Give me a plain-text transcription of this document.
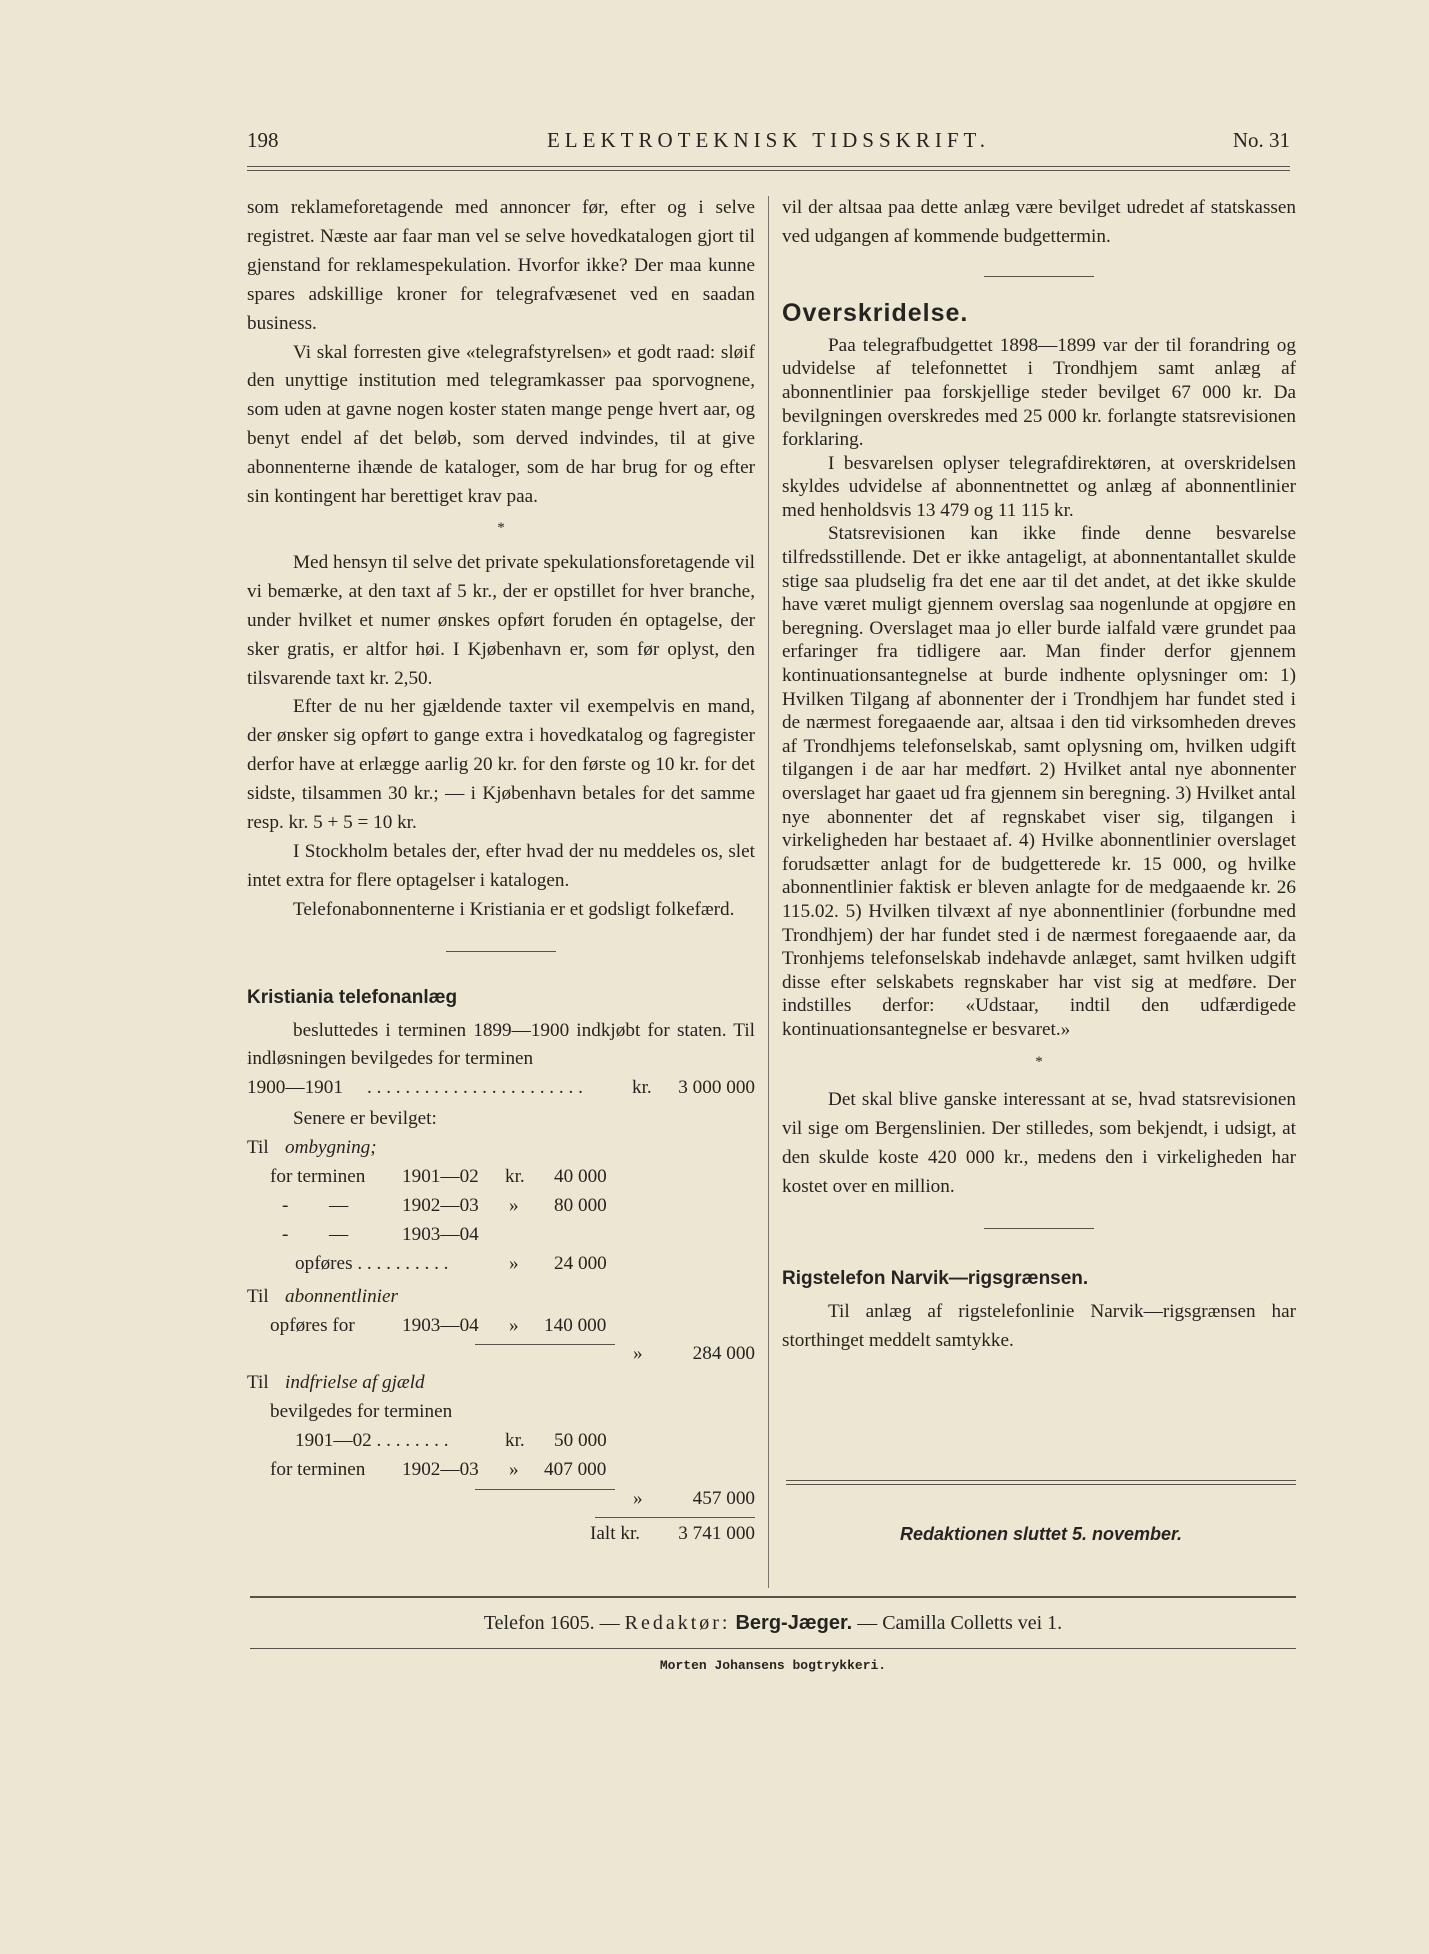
198	ELEKTROTEKNISK TIDSSKRIFT.	No. 31

som reklameforetagende med annoncer før, efter og i selve registret. Næste aar faar man vel se selve hovedkatalogen gjort til gjenstand for reklamespekulation. Hvorfor ikke? Der maa kunne spares adskillige kroner for telegrafvæsenet ved en saadan business.

Vi skal forresten give «telegrafstyrelsen» et godt raad: sløif den unyttige institution med telegramkasser paa sporvognene, som uden at gavne nogen koster staten mange penge hvert aar, og benyt endel af det beløb, som derved indvindes, til at give abonnenterne ihænde de kataloger, som de har brug for og efter sin kontingent har berettiget krav paa.

*

Med hensyn til selve det private spekulationsforetagende vil vi bemærke, at den taxt af 5 kr., der er opstillet for hver branche, under hvilket et numer ønskes opført foruden én optagelse, der sker gratis, er altfor høi. I Kjøbenhavn er, som før oplyst, den tilsvarende taxt kr. 2,50.

Efter de nu her gjældende taxter vil exempelvis en mand, der ønsker sig opført to gange extra i hovedkatalog og fagregister derfor have at erlægge aarlig 20 kr. for den første og 10 kr. for det sidste, tilsammen 30 kr.; — i Kjøbenhavn betales for det samme resp. kr. 5 + 5 = 10 kr.

I Stockholm betales der, efter hvad der nu meddeles os, slet intet extra for flere optagelser i katalogen.

Telefonabonnenterne i Kristiania er et godsligt folkefærd.

Kristiania telefonanlæg

besluttedes i terminen 1899—1900 indkjøbt for staten. Til indløsningen bevilgedes for terminen

1900—1901 . . . . . . . . . . . . . . . . . . . . . . .	kr. 3 000 000
Senere er bevilget:
Til ombygning;
for terminen 1901—02 kr. 40 000
- —	1902—03 » 80 000
- —	1903—04
opføres . . . . . . . . . .	» 24 000
Til abonnentlinier
opføres for 1903—04 » 140 000
»	284 000
Til indfrielse af gjæld
bevilgedes for terminen
1901—02 . . . . . . . .	kr. 50 000
for terminen 1902—03 » 407 000
»	457 000
Ialt kr. 3 741 000

vil der altsaa paa dette anlæg være bevilget udredet af statskassen ved udgangen af kommende budgettermin.

Overskridelse.

Paa telegrafbudgettet 1898—1899 var der til forandring og udvidelse af telefonnettet i Trondhjem samt anlæg af abonnentlinier paa forskjellige steder bevilget 67 000 kr. Da bevilgningen overskredes med 25 000 kr. forlangte statsrevisionen forklaring.

I besvarelsen oplyser telegrafdirektøren, at overskridelsen skyldes udvidelse af abonnentnettet og anlæg af abonnentlinier med henholdsvis 13 479 og 11 115 kr.

Statsrevisionen kan ikke finde denne besvarelse tilfredsstillende. Det er ikke antageligt, at abonnentantallet skulde stige saa pludselig fra det ene aar til det andet, at det ikke skulde have været muligt gjennem overslag saa nogenlunde at opgjøre en beregning. Overslaget maa jo eller burde ialfald være grundet paa erfaringer fra tidligere aar. Man finder derfor gjennem kontinuationsantegnelse at burde indhente oplysninger om: 1) Hvilken Tilgang af abonnenter der i Trondhjem har fundet sted i de nærmest foregaaende aar, altsaa i den tid virksomheden dreves af Trondhjems telefonselskab, samt oplysning om, hvilken udgift tilgangen i de aar har medført. 2) Hvilket antal nye abonnenter overslaget har gaaet ud fra gjennem sin beregning. 3) Hvilket antal nye abonnenter det af regnskabet viser sig, tilgangen i virkeligheden har bestaaet af. 4) Hvilke abonnentlinier overslaget forudsætter anlagt for de budgetterede kr. 15 000, og hvilke abonnentlinier faktisk er bleven anlagte for de medgaaende kr. 26 115.02. 5) Hvilken tilvæxt af nye abonnentlinier (forbundne med Trondhjem) der har fundet sted i de nærmest foregaaende aar, da Tronhjems telefonselskab indehavde anlæget, samt hvilken udgift disse efter selskabets regnskaber har vist sig at medføre. Der indstilles derfor: «Udstaar, indtil den udfærdigede kontinuationsantegnelse er besvaret.»

*

Det skal blive ganske interessant at se, hvad statsrevisionen vil sige om Bergenslinien. Der stilledes, som bekjendt, i udsigt, at den skulde koste 420 000 kr., medens den i virkeligheden har kostet over en million.

Rigstelefon Narvik—rigsgrænsen.

Til anlæg af rigstelefonlinie Narvik—rigsgrænsen har storthinget meddelt samtykke.

Redaktionen sluttet 5. november.
Telefon 1605. — Redaktør: Berg-Jæger. — Camilla Colletts vei 1.
Morten Johansens bogtrykkeri.
